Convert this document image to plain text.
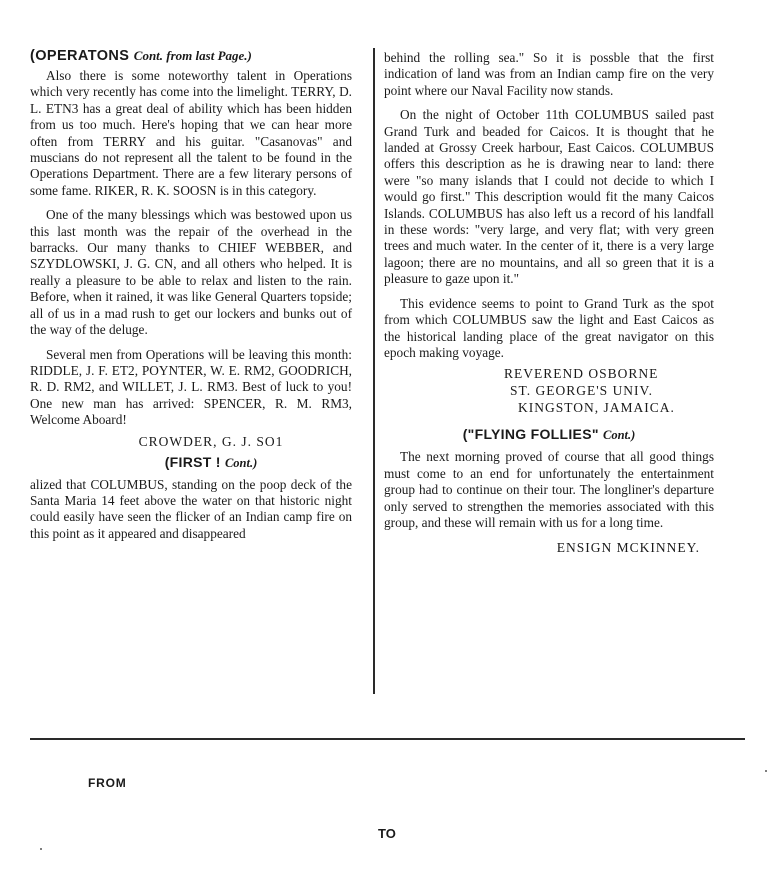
(OPERATONS Cont. from last Page.)

Also there is some noteworthy talent in Operations which very recently has come into the limelight. TERRY, D. L. ETN3 has a great deal of ability which has been hidden from us too much. Here's hoping that we can hear more often from TERRY and his guitar. "Casanovas" and muscians do not represent all the talent to be found in the Operations Department. There are a few literary persons of some fame. RIKER, R. K. SOOSN is in this category.

One of the many blessings which was bestowed upon us this last month was the repair of the overhead in the barracks. Our many thanks to CHIEF WEBBER, and SZYDLOWSKI, J. G. CN, and all others who helped. It is really a pleasure to be able to relax and listen to the rain. Before, when it rained, it was like General Quarters topside; all of us in a mad rush to get our lockers and bunks out of the way of the deluge.

Several men from Operations will be leaving this month: RIDDLE, J. F. ET2, POYNTER, W. E. RM2, GOODRICH, R. D. RM2, and WILLET, J. L. RM3. Best of luck to you! One new man has arrived: SPENCER, R. M. RM3, Welcome Aboard!

CROWDER, G. J. SO1
(FIRST ! Cont.)

alized that COLUMBUS, standing on the poop deck of the Santa Maria 14 feet above the water on that historic night could easily have seen the flicker of an Indian camp fire on this point as it appeared and disappeared

behind the rolling sea." So it is possble that the first indication of land was from an Indian camp fire on the very point where our Naval Facility now stands.

On the night of October 11th COLUMBUS sailed past Grand Turk and beaded for Caicos. It is thought that he landed at Grossy Creek harbour, East Caicos. COLUMBUS offers this description as he is drawing near to land: there were "so many islands that I could not decide to which I would go first." This description would fit the many Caicos Islands. COLUMBUS has also left us a record of his landfall in these words: "very large, and very flat; with very green trees and much water. In the center of it, there is a very large lagoon; there are no mountains, and all so green that it is a pleasure to gaze upon it."

This evidence seems to point to Grand Turk as the spot from which COLUMBUS saw the light and East Caicos as the historical landing place of the great navigator on this epoch making voyage.

REVEREND OSBORNE
ST. GEORGE'S UNIV.
KINGSTON, JAMAICA.
("FLYING FOLLIES" Cont.)

The next morning proved of course that all good things must come to an end for unfortunately the entertainment group had to continue on their tour. The longliner's departure only served to strengthen the memories associated with this group, and these will remain with us for a long time.

ENSIGN MCKINNEY.
FROM
TO
